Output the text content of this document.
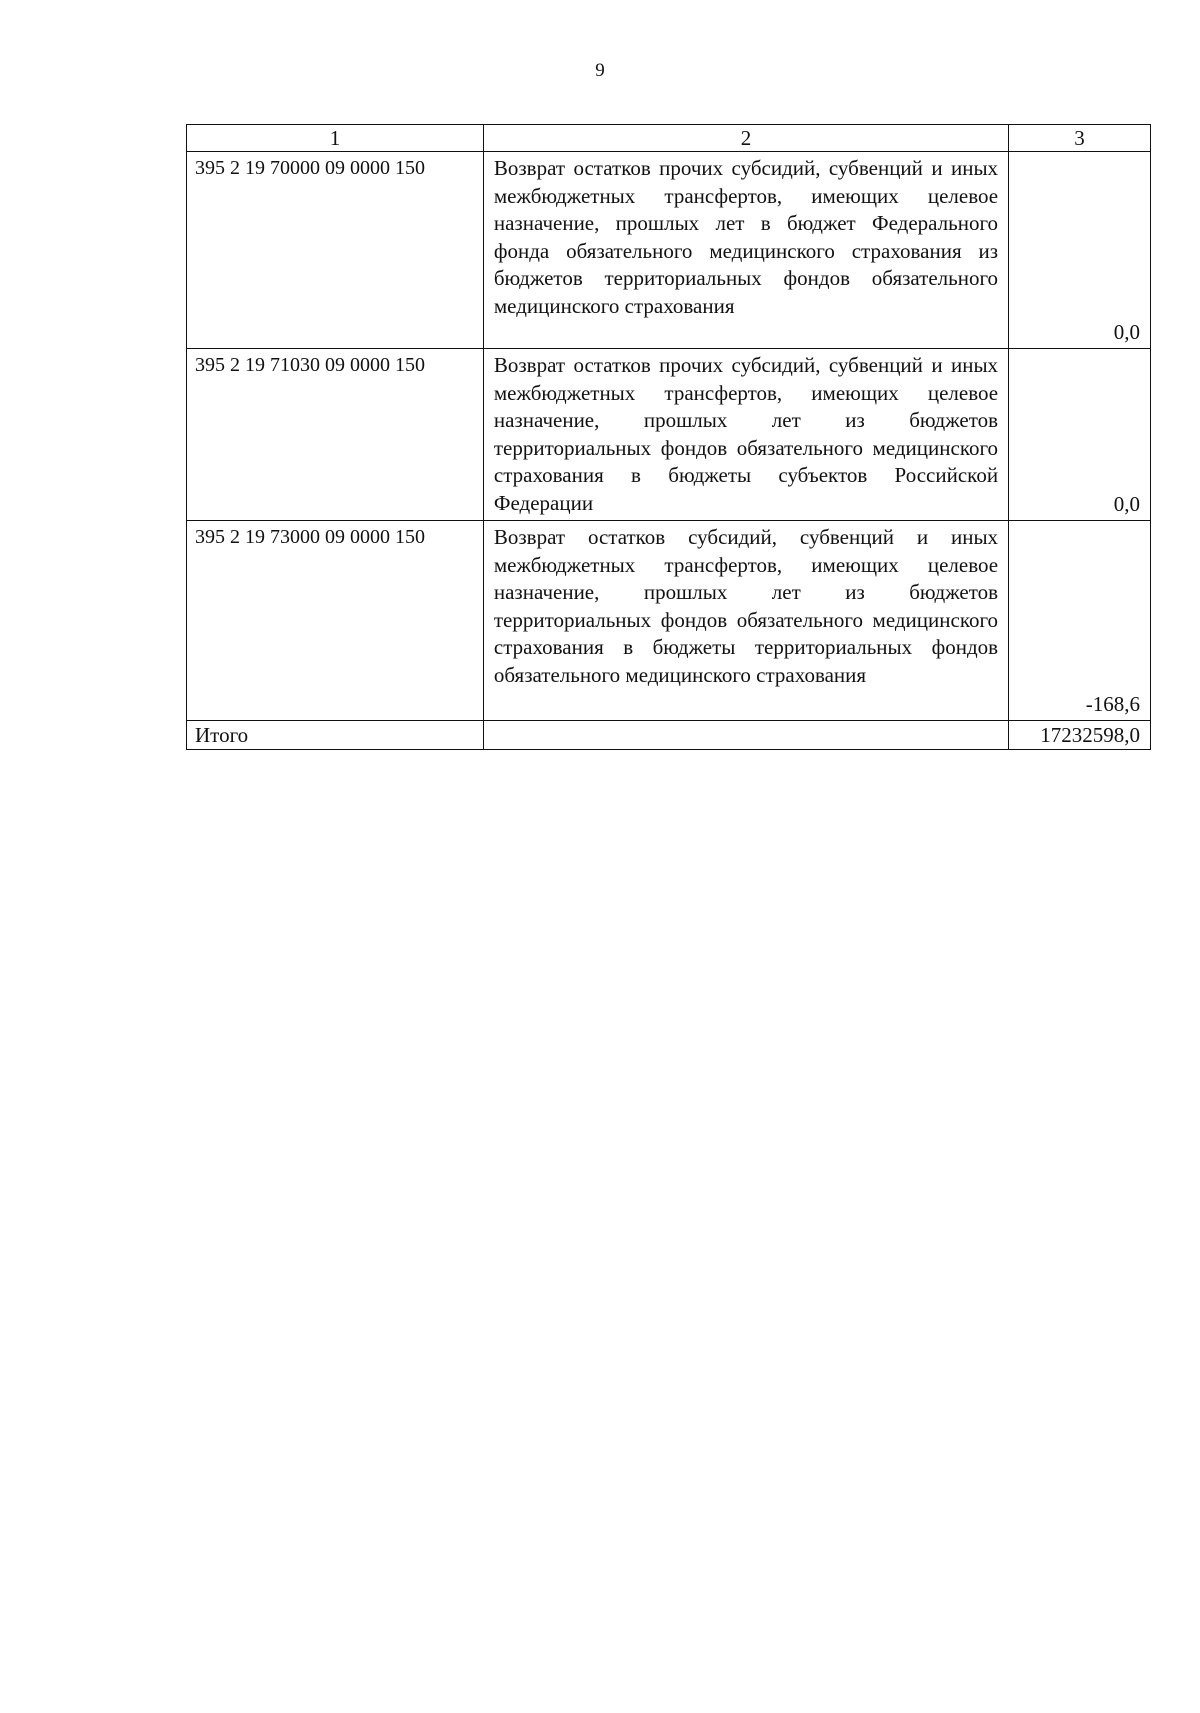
9
1	2	3
395 2 19 70000 09 0000 150	Возврат остатков прочих субсидий, субвенций и иных межбюджетных трансфертов, имеющих целевое назначение, прошлых лет в бюджет Федерального фонда обязательного медицинского страхования из бюджетов территориальных фондов обязательного медицинского страхования	0,0
395 2 19 71030 09 0000 150	Возврат остатков прочих субсидий, субвенций и иных межбюджетных трансфертов, имеющих целевое назначение, прошлых лет из бюджетов территориальных фондов обязательного медицинского страхования в бюджеты субъектов Российской Федерации	0,0
395 2 19 73000 09 0000 150	Возврат остатков субсидий, субвенций и иных межбюджетных трансфертов, имеющих целевое назначение, прошлых лет из бюджетов территориальных фондов обязательного медицинского страхования в бюджеты территориальных фондов обязательного медицинского страхования	-168,6
Итого		17232598,0
